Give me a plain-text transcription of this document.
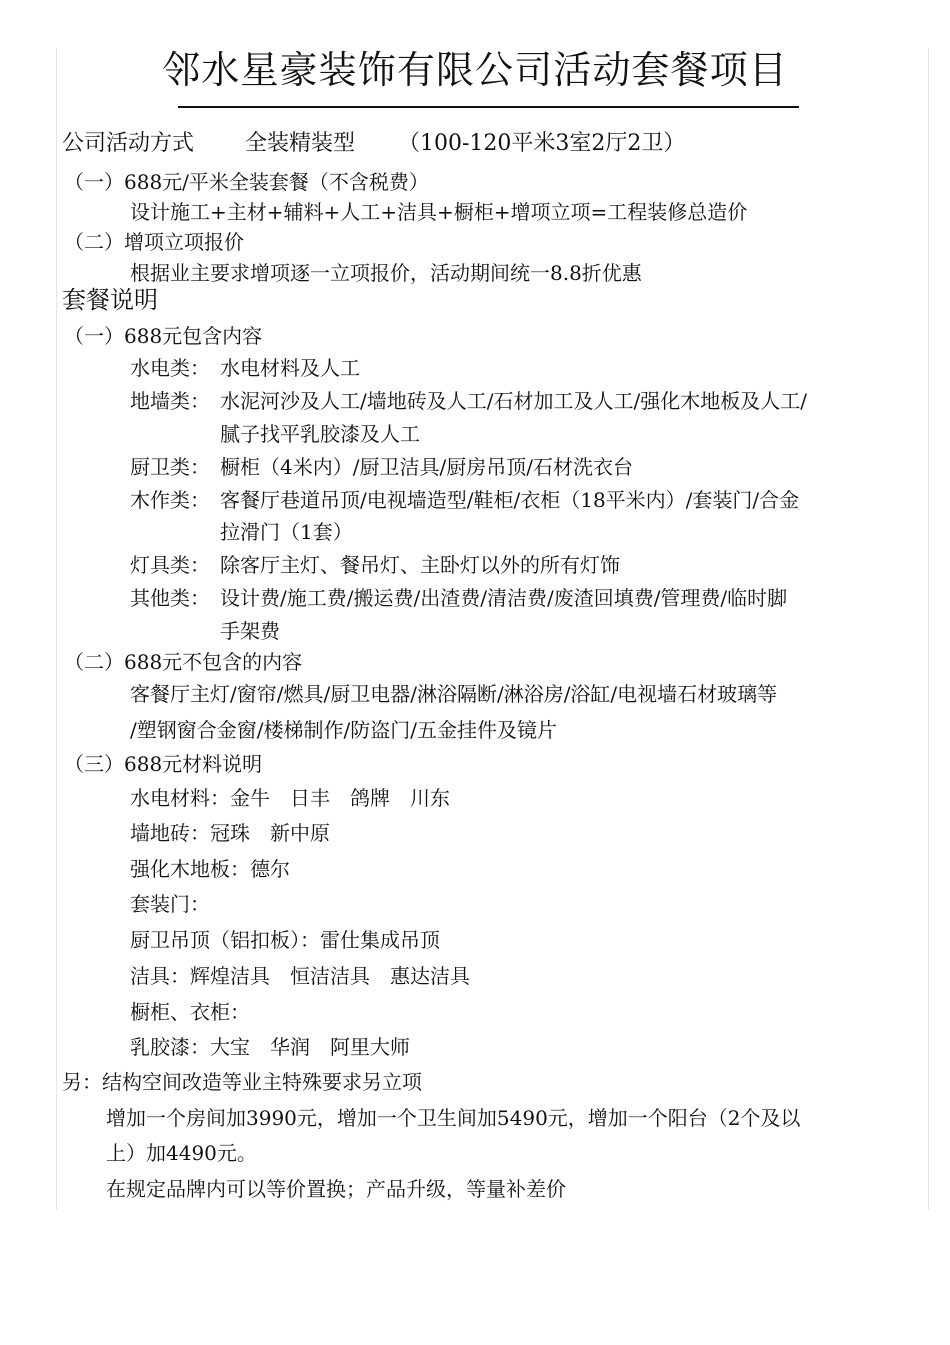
邻水星豪装饰有限公司活动套餐项目
公司活动方式 全装精装型 （100-120平米3室2厅2卫）
（一）688元/平米全装套餐（不含税费）
设计施工+主材+辅料+人工+洁具+橱柜+增项立项=工程装修总造价
（二）增项立项报价
根据业主要求增项逐一立项报价，活动期间统一8.8折优惠
套餐说明
（一）688元包含内容
水电类： 水电材料及人工
地墙类： 水泥河沙及人工/墙地砖及人工/石材加工及人工/强化木地板及人工/
腻子找平乳胶漆及人工
厨卫类： 橱柜（4米内）/厨卫洁具/厨房吊顶/石材洗衣台
木作类： 客餐厅巷道吊顶/电视墙造型/鞋柜/衣柜（18平米内）/套装门/合金
拉滑门（1套）
灯具类： 除客厅主灯、餐吊灯、主卧灯以外的所有灯饰
其他类： 设计费/施工费/搬运费/出渣费/清洁费/废渣回填费/管理费/临时脚
手架费
（二）688元不包含的内容
客餐厅主灯/窗帘/燃具/厨卫电器/淋浴隔断/淋浴房/浴缸/电视墙石材玻璃等
/塑钢窗合金窗/楼梯制作/防盗门/五金挂件及镜片
（三）688元材料说明
水电材料：金牛　日丰　鸽牌　川东
墙地砖：冠珠　新中原
强化木地板：德尔
套装门：
厨卫吊顶（铝扣板）：雷仕集成吊顶
洁具：辉煌洁具　恒洁洁具　惠达洁具
橱柜、衣柜：
乳胶漆：大宝　华润　阿里大师
另：结构空间改造等业主特殊要求另立项
增加一个房间加3990元，增加一个卫生间加5490元，增加一个阳台（2个及以
上）加4490元。
在规定品牌内可以等价置换；产品升级，等量补差价
